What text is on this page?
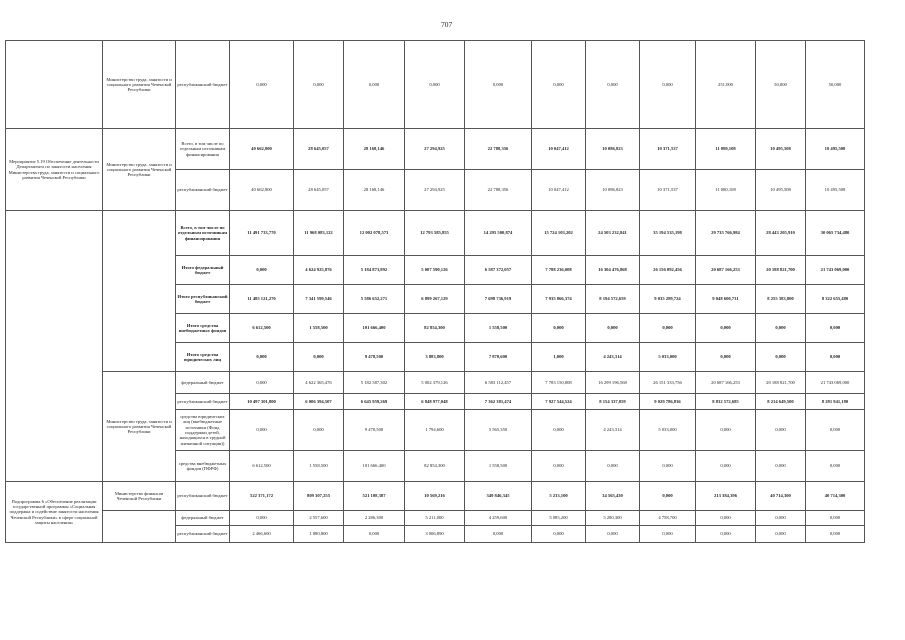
707
	Министерство труда, занятости и социального развития Чеченской Республики	республиканский бюджет	0,000	0,000	0,000	0,000	0,000	0,000	0,000	0,000	251,000	50,000	50,000
Мероприятие 5.19 Обеспечение деятельности Департамента по занятости населения Министерства труда, занятости и социального развития Чеченской Республики	Министерство труда, занятости и социального развития Чеченской Республики	Всего, в том числе по отдельным источникам финансирования	40 662,800	28 645,057	28 168,146	27 294,925	22 788,356	10 047,412	10 086,823	10 371,537	11 080,108	10 495,508	10 495,508
		республиканский бюджет	40 662,800	28 645,057	28 168,146	27 294,925	22 788,356	10 047,412	10 086,823	10 371,537	11 080,108	10 495,508	10 495,508
		Всего, в том числе по отдельным источникам финансирования	11 491 733,770	11 968 083,122	12 002 078,573	12 793 585,855	14 295 500,874	15 724 103,202	24 503 232,841	35 194 535,198	29 735 766,984	28 443 205,910	30 065 734,480
		Итого федеральный бюджет	0,000	4 624 925,876	5 184 873,892	5 007 590,126	6 587 372,057	7 788 236,008	16 304 476,868	26 156 092,456	20 687 166,253	20 188 821,700	21 743 069,000
		Итого республиканский бюджет	11 485 121,270	7 341 599,546	5 586 652,271	6 899 267,129	7 698 736,919	7 935 866,374	8 194 572,659	9 035 289,724	9 048 600,731	8 255 383,800	8 322 655,480
		Итого средства внебюджетных фондов	6 612,500	1 558,500	101 666,400	82 854,300	1 558,500	0,000	0,000	0,000	0,000	0,000	0,000
		Итого средства юридических лиц	0,000	0,000	9 478,500	3 883,800	7 870,600	1,000	4 243,314	5 033,000	0,000	0,000	0,000
	Министерство труда, занятости и социального развития Чеченской Республики	федеральный бюджет	0,000	4 622 365,476	5 182 587,302	5 002 379,126	6 583 112,457	7 783 150,808	16 299 196,568	26 151 333,756	20 687 166,253	20 188 821,700	21 743 069,000
		республиканский бюджет	10 497 301,800	6 006 394,507	6 645 959,269	6 848 977,048	7 362 381,474	7 927 544,524	8 154 337,059	9 029 786,836	8 832 572,685	8 214 649,500	8 281 941,180
		средства юридических лиц (внебюджетные источники (Фонд поддержки детей, находящихся в трудной жизненной ситуации))	0,000	0,000	9 478,500	1 794,600	5 565,350	0,000	4 243,314	5 033,000	0,000	0,000	0,000
		средства внебюджетных фондов (ПФРФ)	6 612,500	1 558,500	101 666,400	82 854,300	1 558,500	0,000	0,000	0,000	0,000	0,000	0,000
Подпрограмма 6 «Обеспечение реализации государственной программы «Социальная поддержка и содействие занятости населения Чеченской Республики» в сфере социальной защиты населения»	Министерство финансов Чеченской Республики	республиканский бюджет	522 371,172	809 307,255	521 108,387	10 569,216	349 846,345	5 233,100	34 565,430	0,000	213 384,396	40 714,300	40 714,300
		федеральный бюджет	0,000	2 557,600	2 286,300	5 211,000	4 259,600	5 085,200	5 280,300	4 758,700	0,000	0,000	0,000
		республиканский бюджет	2 466,600	1 880,800	0,000	3 006,890	0,000	0,000	0,000	0,000	0,000	0,000	0,000
